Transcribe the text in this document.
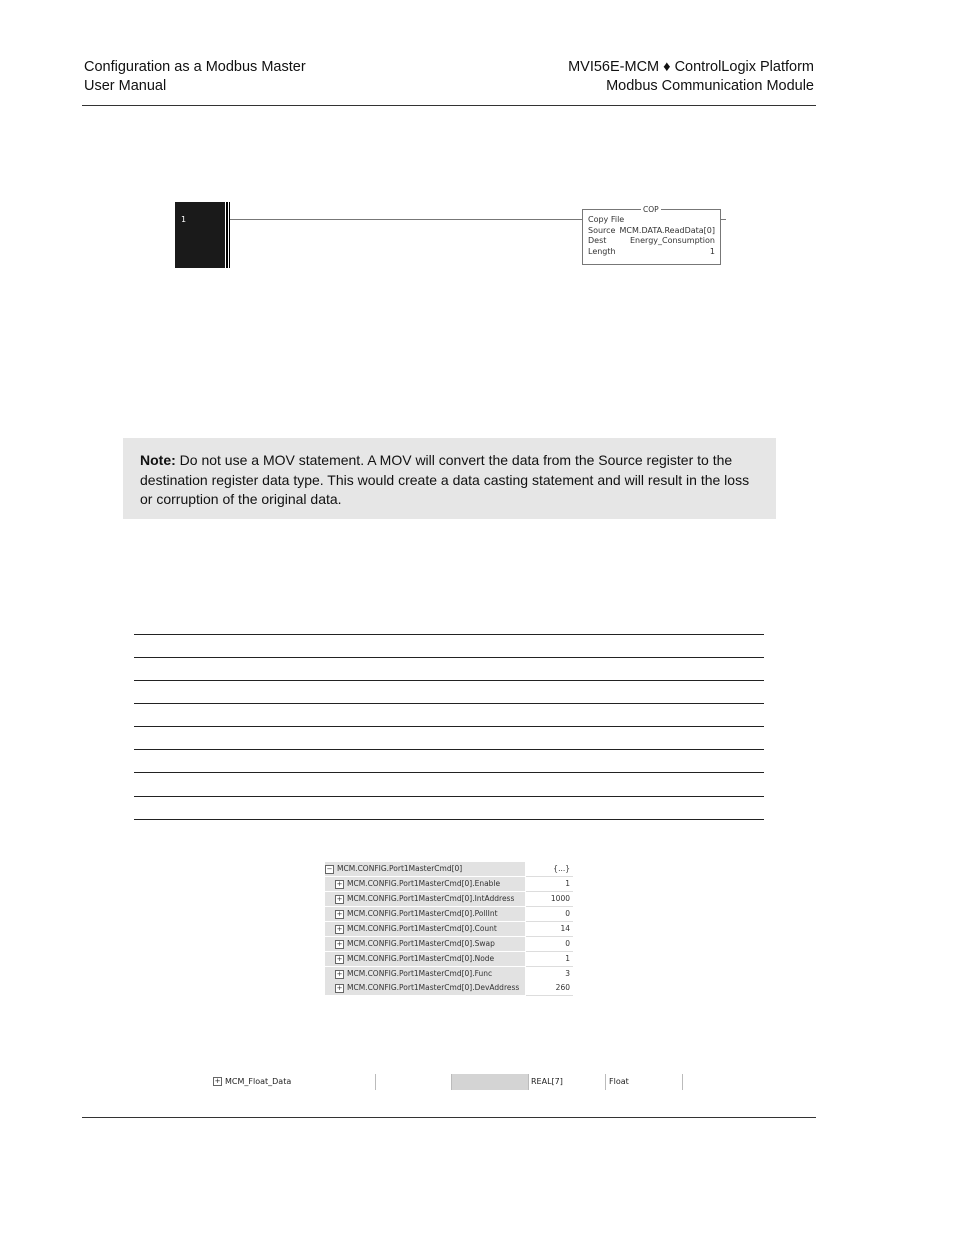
Configuration as a Modbus Master
User Manual
MVI56E-MCM ♦ ControlLogix Platform
Modbus Communication Module
1
COP
Copy File
Source MCM.DATA.ReadData[0]
Dest	Energy_Consumption
Length	1
Note: Do not use a MOV statement. A MOV will convert the data from the Source register to the destination register data type. This would create a data casting statement and will result in the loss or corruption of the original data.
− MCM.CONFIG.Port1MasterCmd[0]	{...}
+ MCM.CONFIG.Port1MasterCmd[0].Enable	1
+ MCM.CONFIG.Port1MasterCmd[0].IntAddress	1000
+ MCM.CONFIG.Port1MasterCmd[0].PollInt	0
+ MCM.CONFIG.Port1MasterCmd[0].Count	14
+ MCM.CONFIG.Port1MasterCmd[0].Swap	0
+ MCM.CONFIG.Port1MasterCmd[0].Node	1
+ MCM.CONFIG.Port1MasterCmd[0].Func	3
+ MCM.CONFIG.Port1MasterCmd[0].DevAddress	260
+ MCM_Float_Data	REAL[7]	Float
